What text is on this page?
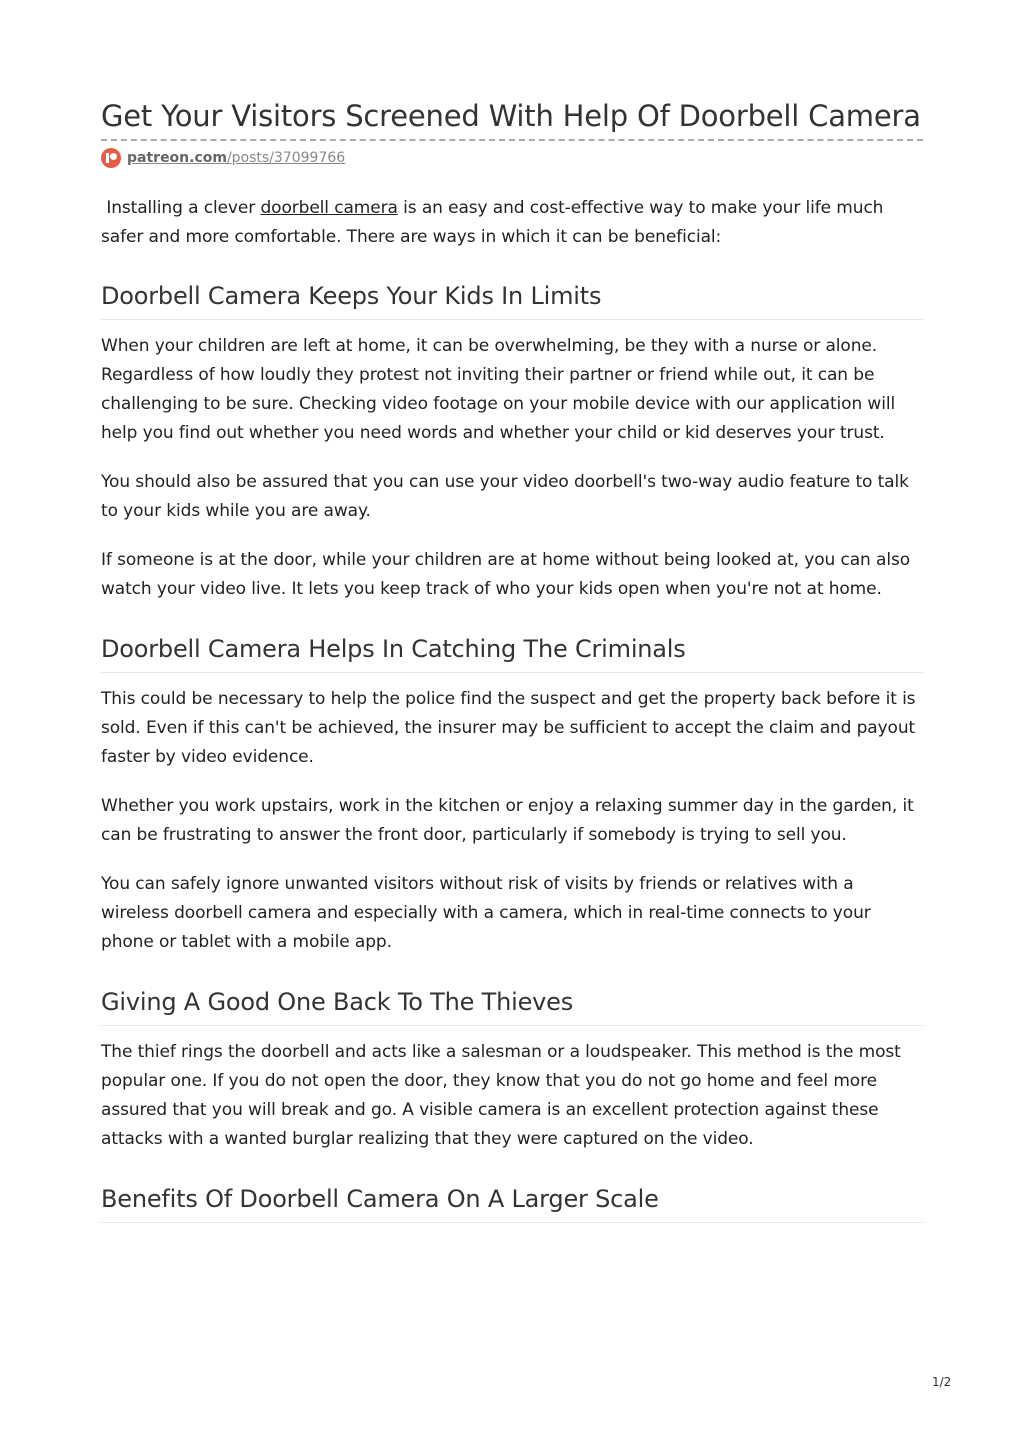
Get Your Visitors Screened With Help Of Doorbell Camera
patreon.com/posts/37099766

Installing a clever doorbell camera is an easy and cost-effective way to make your life much safer and more comfortable. There are ways in which it can be beneficial:

Doorbell Camera Keeps Your Kids In Limits

When your children are left at home, it can be overwhelming, be they with a nurse or alone. Regardless of how loudly they protest not inviting their partner or friend while out, it can be challenging to be sure. Checking video footage on your mobile device with our application will help you find out whether you need words and whether your child or kid deserves your trust.

You should also be assured that you can use your video doorbell's two-way audio feature to talk to your kids while you are away.

If someone is at the door, while your children are at home without being looked at, you can also watch your video live. It lets you keep track of who your kids open when you're not at home.

Doorbell Camera Helps In Catching The Criminals

This could be necessary to help the police find the suspect and get the property back before it is sold. Even if this can't be achieved, the insurer may be sufficient to accept the claim and payout faster by video evidence.

Whether you work upstairs, work in the kitchen or enjoy a relaxing summer day in the garden, it can be frustrating to answer the front door, particularly if somebody is trying to sell you.

You can safely ignore unwanted visitors without risk of visits by friends or relatives with a wireless doorbell camera and especially with a camera, which in real-time connects to your phone or tablet with a mobile app.

Giving A Good One Back To The Thieves

The thief rings the doorbell and acts like a salesman or a loudspeaker. This method is the most popular one. If you do not open the door, they know that you do not go home and feel more assured that you will break and go. A visible camera is an excellent protection against these attacks with a wanted burglar realizing that they were captured on the video.

Benefits Of Doorbell Camera On A Larger Scale
1/2
